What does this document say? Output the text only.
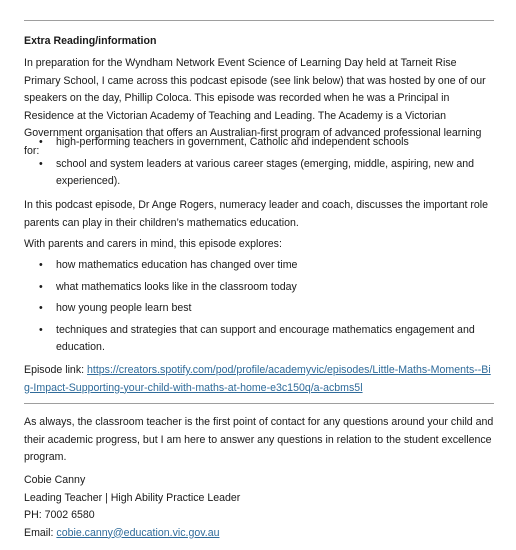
Extra Reading/information

In preparation for the Wyndham Network Event Science of Learning Day held at Tarneit Rise Primary School, I came across this podcast episode (see link below) that was hosted by one of our speakers on the day, Phillip Coloca. This episode was recorded when he was a Principal in Residence at the Victorian Academy of Teaching and Leading. The Academy is a Victorian Government organisation that offers an Australian-first program of advanced professional learning for:

• high-performing teachers in government, Catholic and independent schools
• school and system leaders at various career stages (emerging, middle, aspiring, new and experienced).

In this podcast episode, Dr Ange Rogers, numeracy leader and coach, discusses the important role parents can play in their children’s mathematics education.

With parents and carers in mind, this episode explores:

• how mathematics education has changed over time
• what mathematics looks like in the classroom today
• how young people learn best
• techniques and strategies that can support and encourage mathematics engagement and education.

Episode link: https://creators.spotify.com/pod/profile/academyvic/episodes/Little-Maths-Moments--Big-Impact-Supporting-your-child-with-maths-at-home-e3c150q/a-acbms5l

As always, the classroom teacher is the first point of contact for any questions around your child and their academic progress, but I am here to answer any questions in relation to the student excellence program.

Cobie Canny
Leading Teacher | High Ability Practice Leader
PH: 7002 6580
Email: cobie.canny@education.vic.gov.au
